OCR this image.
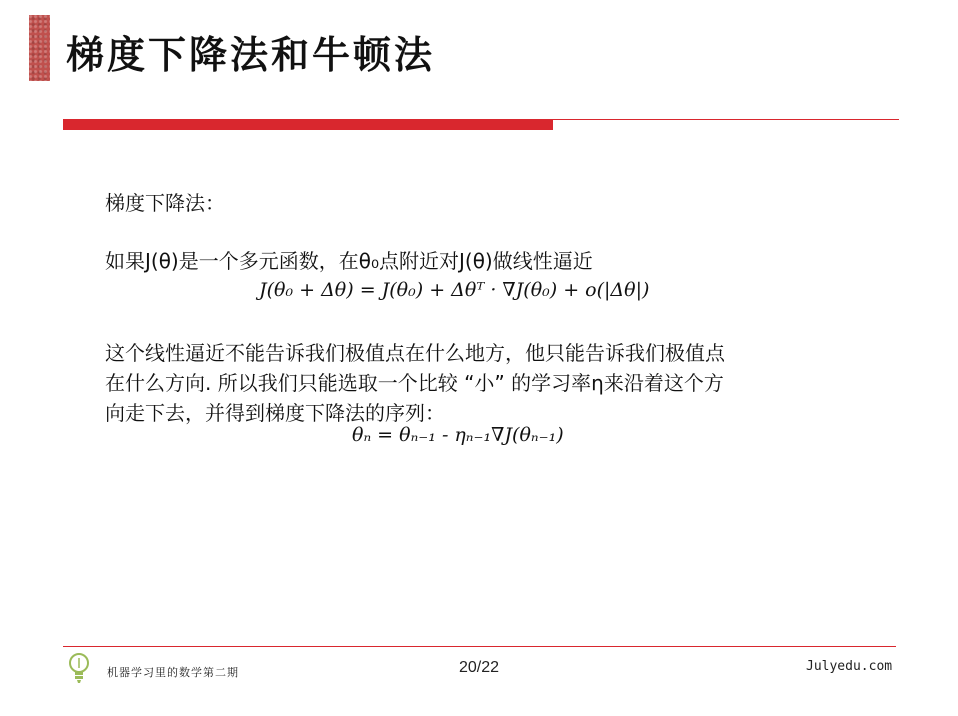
梯度下降法和牛顿法
梯度下降法：
如果J(θ)是一个多元函数，在θ₀点附近对J(θ)做线性逼近
J(θ₀ + Δθ) = J(θ₀) + Δθᵀ · ∇J(θ₀) + o(|Δθ|)
这个线性逼近不能告诉我们极值点在什么地方，他只能告诉我们极值点
在什么方向. 所以我们只能选取一个比较 “小” 的学习率η来沿着这个方
向走下去，并得到梯度下降法的序列：
θₙ = θₙ₋₁ - ηₙ₋₁∇J(θₙ₋₁)
机器学习里的数学第二期	20/22	Julyedu.com
